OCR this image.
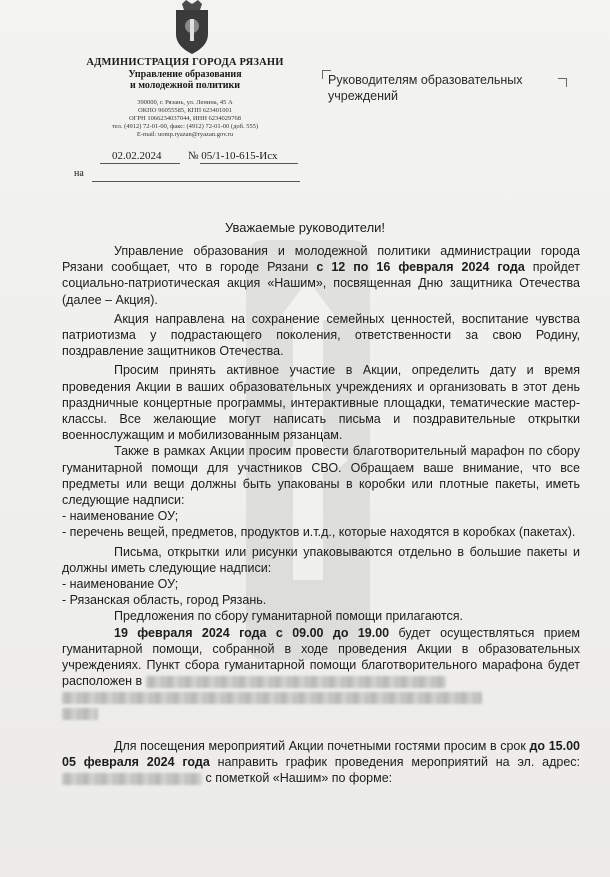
АДМИНИСТРАЦИЯ ГОРОДА РЯЗАНИ
Управление образования
и молодежной политики
390000, г. Рязань, ул. Ленина, 45 А
ОКПО 96055585, КПП 623401001
ОГРН 1066234037044, ИНН 6234029768
тел. (4912) 72-01-00, факс: (4912) 72-01-00 (доб. 555)
E-mail: uomp.ryazan@ryazan.gov.ru
02.02.2024 № 05/1-10-615-Исх
на
Руководителям образовательных
учреждений
Уважаемые руководители!

Управление образования и молодежной политики администрации города Рязани сообщает, что в городе Рязани с 12 по 16 февраля 2024 года пройдет социально-патриотическая акция «Нашим», посвященная Дню защитника Отечества (далее – Акция).

Акция направлена на сохранение семейных ценностей, воспитание чувства патриотизма у подрастающего поколения, ответственности за свою Родину, поздравление защитников Отечества.

Просим принять активное участие в Акции, определить дату и время проведения Акции в ваших образовательных учреждениях и организовать в этот день праздничные концертные программы, интерактивные площадки, тематические мастер-классы. Все желающие могут написать письма и поздравительные открытки военнослужащим и мобилизованным рязанцам.

Также в рамках Акции просим провести благотворительный марафон по сбору гуманитарной помощи для участников СВО. Обращаем ваше внимание, что все предметы или вещи должны быть упакованы в коробки или плотные пакеты, иметь следующие надписи:

- наименование ОУ;

- перечень вещей, предметов, продуктов и.т.д., которые находятся в коробках (пакетах).

Письма, открытки или рисунки упаковываются отдельно в большие пакеты и должны иметь следующие надписи:

- наименование ОУ;

- Рязанская область, город Рязань.

Предложения по сбору гуманитарной помощи прилагаются.

19 февраля 2024 года с 09.00 до 19.00 будет осуществляться прием гуманитарной помощи, собранной в ходе проведения Акции в образовательных учреждениях. Пункт сбора гуманитарной помощи благотворительного марафона будет расположен в

Для посещения мероприятий Акции почетными гостями просим в срок до 15.00 05 февраля 2024 года направить график проведения мероприятий на эл. адрес:  с пометкой «Нашим» по форме:
